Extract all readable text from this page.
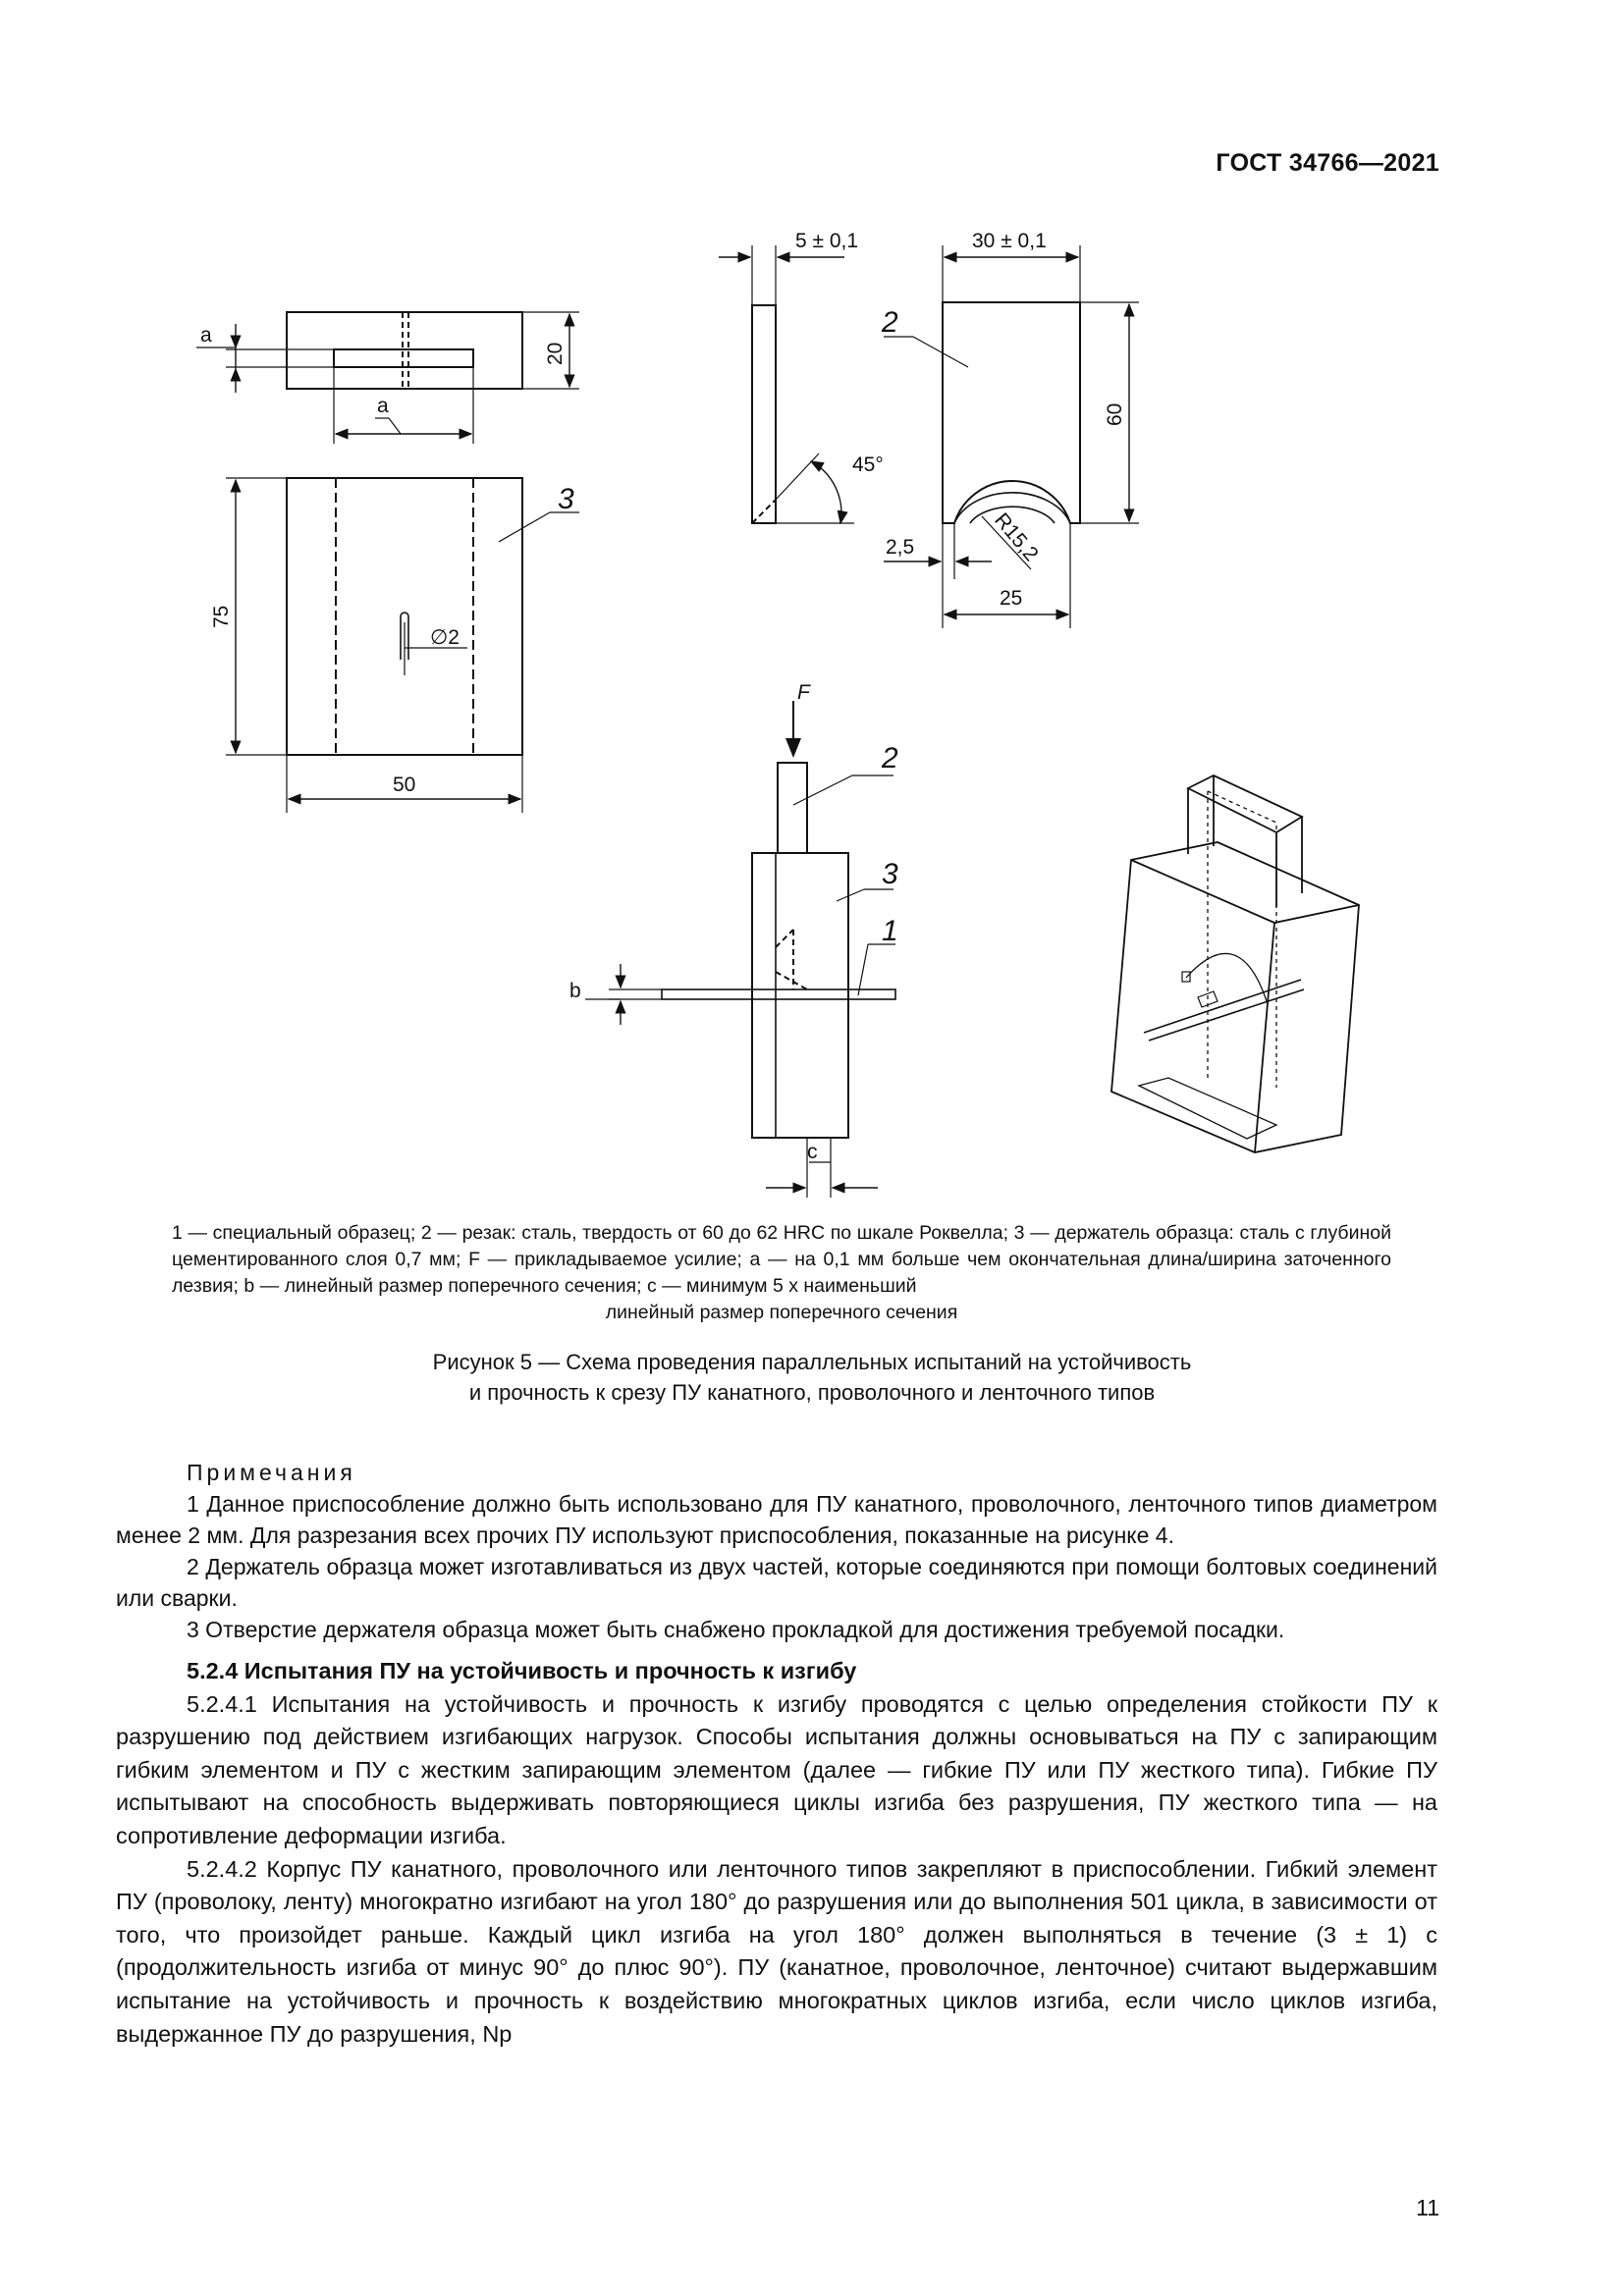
ГОСТ 34766—2021
a
20
a
∅2
75
50
3
5 ± 0,1
45°
30 ± 0,1
60
2
R15,2
2,5
25
F
2
3
1
b
c
1 — специальный образец; 2 — резак: сталь, твердость от 60 до 62 HRC по шкале Роквелла; 3 — держатель образца: сталь с глубиной цементированного слоя 0,7 мм; F — прикладываемое усилие; a — на 0,1 мм больше чем окончательная длина/ширина заточенного лезвия; b — линейный размер поперечного сечения; c — минимум 5 х наименьший
линейный размер поперечного сечения
Рисунок 5 — Схема проведения параллельных испытаний на устойчивость
и прочность к срезу ПУ канатного, проволочного и ленточного типов
Примечания

1 Данное приспособление должно быть использовано для ПУ канатного, проволочного, ленточного типов диаметром менее 2 мм. Для разрезания всех прочих ПУ используют приспособления, показанные на рисунке 4.

2 Держатель образца может изготавливаться из двух частей, которые соединяются при помощи болтовых соединений или сварки.

3 Отверстие держателя образца может быть снабжено прокладкой для достижения требуемой посадки.

5.2.4 Испытания ПУ на устойчивость и прочность к изгибу

5.2.4.1 Испытания на устойчивость и прочность к изгибу проводятся с целью определения стойкости ПУ к разрушению под действием изгибающих нагрузок. Способы испытания должны основываться на ПУ с запирающим гибким элементом и ПУ с жестким запирающим элементом (далее — гибкие ПУ или ПУ жесткого типа). Гибкие ПУ испытывают на способность выдерживать повторяющиеся циклы изгиба без разрушения, ПУ жесткого типа — на сопротивление деформации изгиба.

5.2.4.2 Корпус ПУ канатного, проволочного или ленточного типов закрепляют в приспособлении. Гибкий элемент ПУ (проволоку, ленту) многократно изгибают на угол 180° до разрушения или до выполнения 501 цикла, в зависимости от того, что произойдет раньше. Каждый цикл изгиба на угол 180° должен выполняться в течение (3 ± 1) с (продолжительность изгиба от минус 90° до плюс 90°). ПУ (канатное, проволочное, ленточное) считают выдержавшим испытание на устойчивость и прочность к воздействию многократных циклов изгиба, если число циклов изгиба, выдержанное ПУ до разрушения, Nр

11
